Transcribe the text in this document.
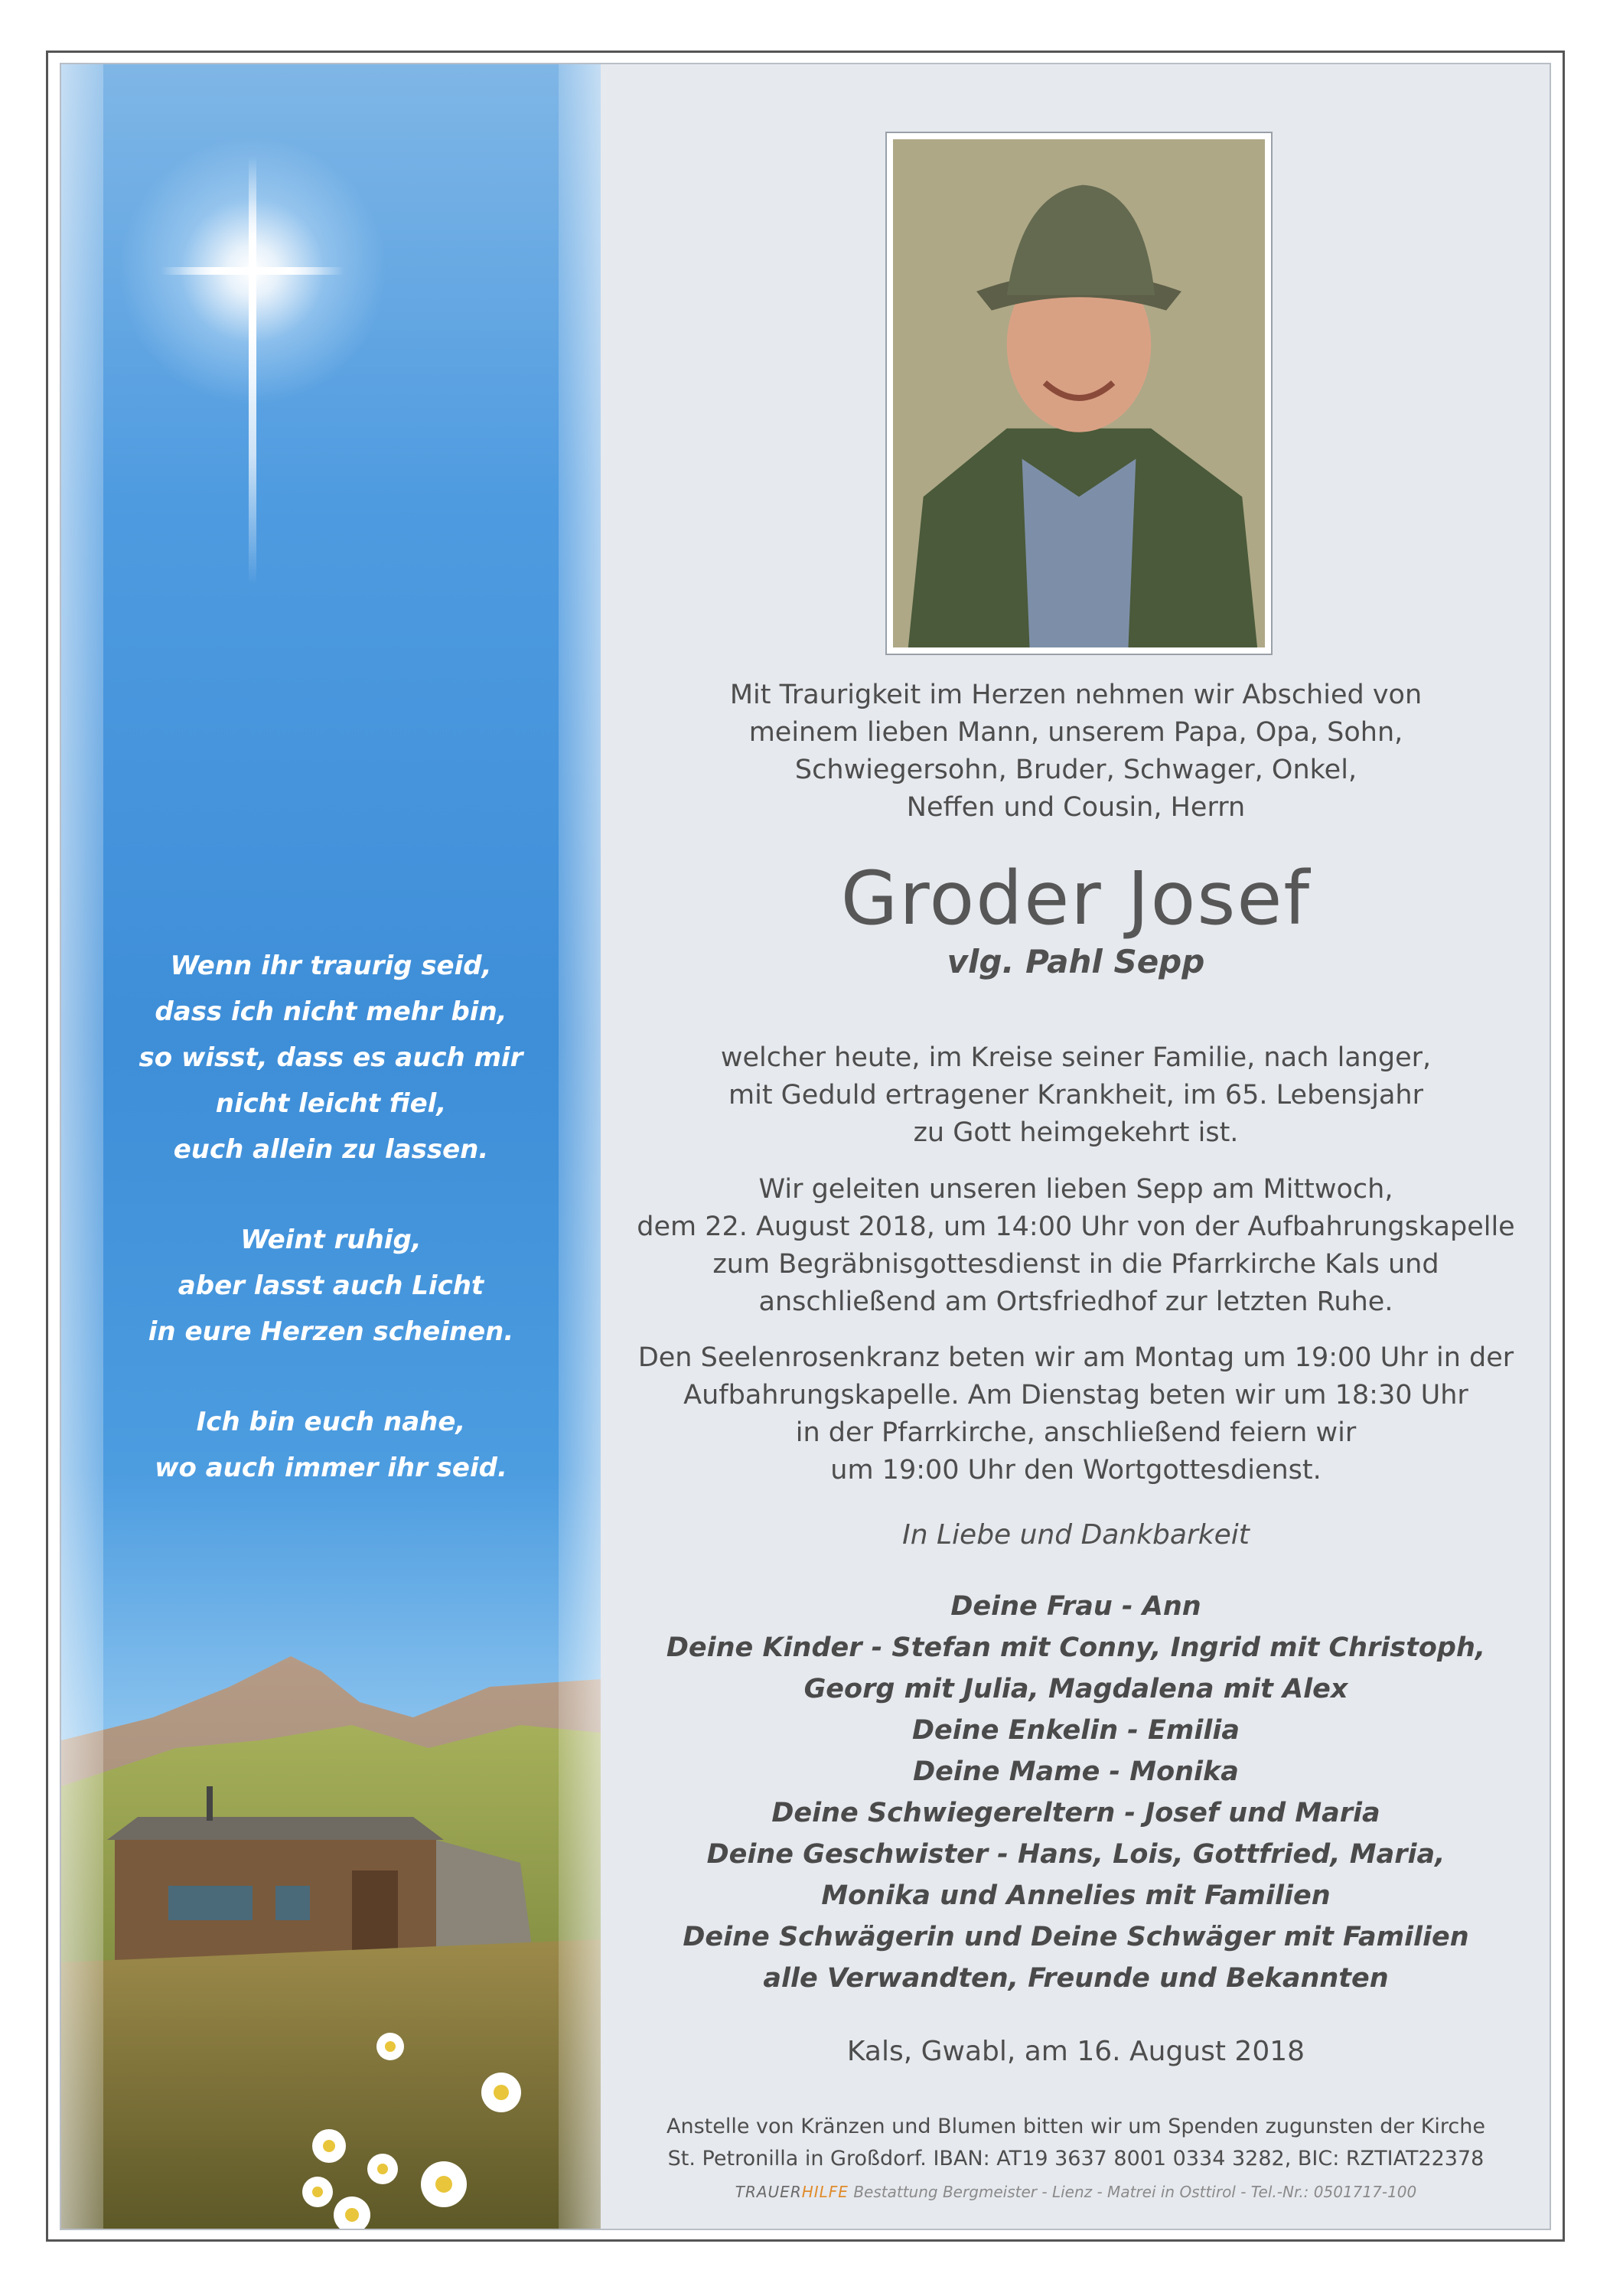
Wenn ihr traurig seid,
dass ich nicht mehr bin,
so wisst, dass es auch mir
nicht leicht fiel,
euch allein zu lassen.

Weint ruhig,
aber lasst auch Licht
in eure Herzen scheinen.

Ich bin euch nahe,
wo auch immer ihr seid.

Mit Traurigkeit im Herzen nehmen wir Abschied von
meinem lieben Mann, unserem Papa, Opa, Sohn,
Schwiegersohn, Bruder, Schwager, Onkel,
Neffen und Cousin, Herrn
Groder Josef
vlg. Pahl Sepp
welcher heute, im Kreise seiner Familie, nach langer,
mit Geduld ertragener Krankheit, im 65. Lebensjahr
zu Gott heimgekehrt ist.
Wir geleiten unseren lieben Sepp am Mittwoch,
dem 22. August 2018, um 14:00 Uhr von der Aufbahrungskapelle
zum Begräbnisgottesdienst in die Pfarrkirche Kals und
anschließend am Ortsfriedhof zur letzten Ruhe.
Den Seelenrosenkranz beten wir am Montag um 19:00 Uhr in der
Aufbahrungskapelle. Am Dienstag beten wir um 18:30 Uhr
in der Pfarrkirche, anschließend feiern wir
um 19:00 Uhr den Wortgottesdienst.
In Liebe und Dankbarkeit
Deine Frau - Ann
Deine Kinder - Stefan mit Conny, Ingrid mit Christoph,
Georg mit Julia, Magdalena mit Alex
Deine Enkelin - Emilia
Deine Mame - Monika
Deine Schwiegereltern - Josef und Maria
Deine Geschwister - Hans, Lois, Gottfried, Maria,
Monika und Annelies mit Familien
Deine Schwägerin und Deine Schwäger mit Familien
alle Verwandten, Freunde und Bekannten
Kals, Gwabl, am 16. August 2018
Anstelle von Kränzen und Blumen bitten wir um Spenden zugunsten der Kirche
St. Petronilla in Großdorf. IBAN: AT19 3637 8001 0334 3282, BIC: RZTIAT22378
TRAUERHILFE Bestattung Bergmeister - Lienz - Matrei in Osttirol - Tel.-Nr.: 0501717-100
